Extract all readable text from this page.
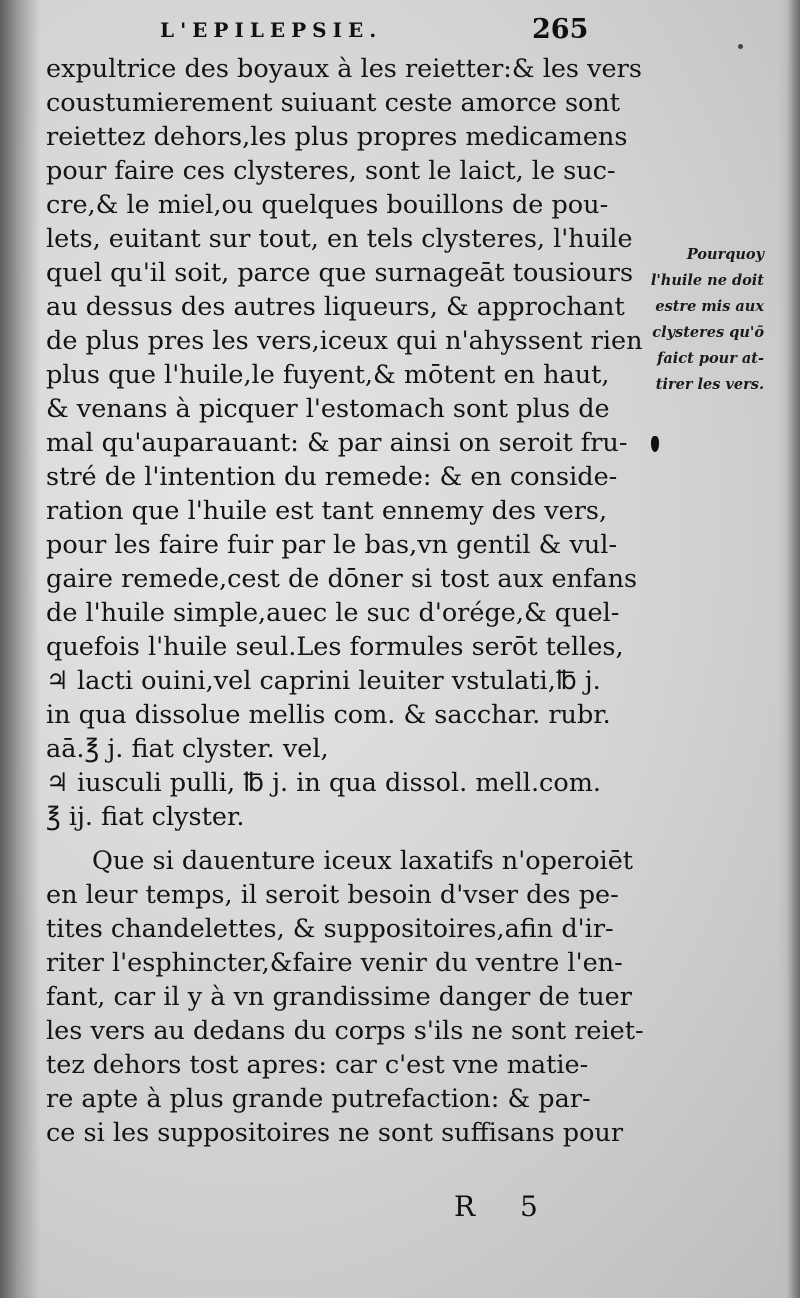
L'EPILEPSIE.	265
expultrice des boyaux à les reietter:& les vers
coustumierement suiuant ceste amorce sont
reiettez dehors,les plus propres medicamens
pour faire ces clysteres, sont le laict, le suc-
cre,& le miel,ou quelques bouillons de pou-
lets, euitant sur tout, en tels clysteres, l'huile
quel qu'il soit, parce que surnageāt tousiours
au dessus des autres liqueurs, & approchant
de plus pres les vers,iceux qui n'ahyssent rien
plus que l'huile,le fuyent,& mōtent en haut,
& venans à picquer l'estomach sont plus de
mal qu'auparauant: & par ainsi on seroit fru-
stré de l'intention du remede: & en conside-
ration que l'huile est tant ennemy des vers,
pour les faire fuir par le bas,vn gentil & vul-
gaire remede,cest de dōner si tost aux enfans
de l'huile simple,auec le suc d'orége,& quel-
quefois l'huile seul.Les formules serōt telles,
♃ lacti ouini,vel caprini leuiter vstulati,℔ j.
in qua dissolue mellis com. & sacchar. rubr.
aā.℥ j. fiat clyster. vel,
♃ iusculi pulli, ℔ j. in qua dissol. mell.com.
℥ ij. fiat clyster.
Que si dauenture iceux laxatifs n'operoiēt
en leur temps, il seroit besoin d'vser des pe-
tites chandelettes, & suppositoires,afin d'ir-
riter l'esphincter,&faire venir du ventre l'en-
fant, car il y à vn grandissime danger de tuer
les vers au dedans du corps s'ils ne sont reiet-
tez dehors tost apres: car c'est vne matie-
re apte à plus grande putrefaction: & par-
ce si les suppositoires ne sont suffisans pour
Pourquoy
l'huile ne doit
estre mis aux
clysteres qu'ō
faict pour at-
tirer les vers.
R 5
